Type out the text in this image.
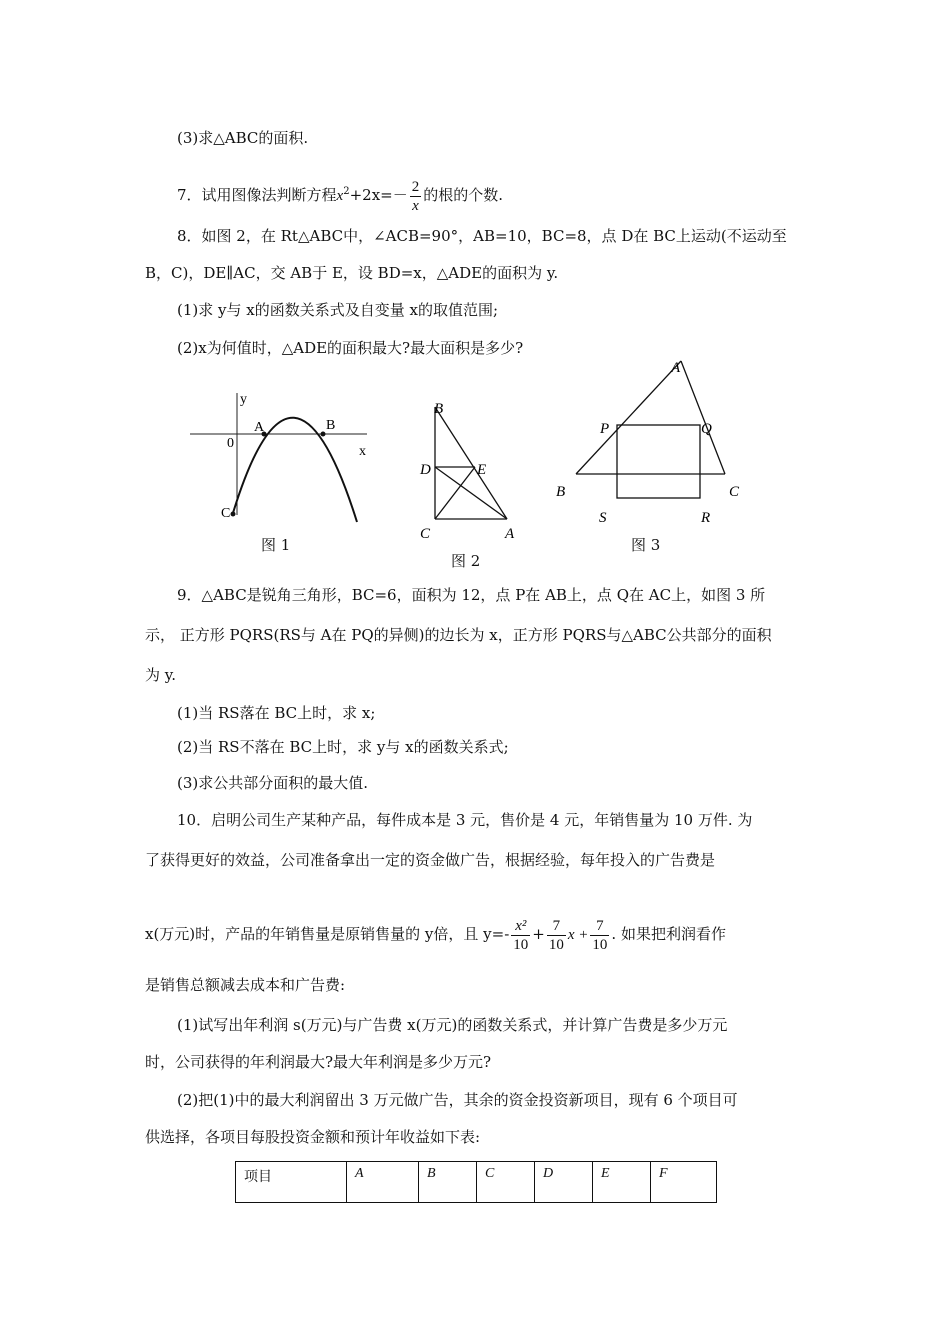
(3)求△ABC的面积.
7．试用图像法判断方程$x^2+2x=- \frac{2}{x}$ 的根的个数.
8．如图 2，在 Rt△ABC中，∠ACB=90°，AB=10，BC=8，点 D在 BC上运动(不运动至
B，C)，DE∥AC，交 AB于 E，设 BD=x，△ADE的面积为 y.
(1)求 y与 x的函数关系式及自变量 x的取值范围;
(2)x为何值时，△ADE的面积最大?最大面积是多少?
y
0
A	B
x
C
图 1
B
D	E
C	A
图 2
A
P	Q
B	C
S	R
图 3
9．△ABC是锐角三角形，BC=6，面积为 12，点 P在 AB上，点 Q在 AC上，如图 3 所
示， 正方形 PQRS(RS与 A在 PQ的异侧)的边长为 x，正方形 PQRS与△ABC公共部分的面积
为 y.
(1)当 RS落在 BC上时，求 x;
(2)当 RS不落在 BC上时，求 y与 x的函数关系式;
(3)求公共部分面积的最大值.
10．启明公司生产某种产品，每件成本是 3 元，售价是 4 元，年销售量为 10 万件. 为
了获得更好的效益，公司准备拿出一定的资金做广告，根据经验，每年投入的广告费是
x(万元)时，产品的年销售量是原销售量的 y倍，且 $y=- \frac{\text{x²}}{10} + \frac{7}{10}$ $x + \frac{7}{10}$ . 如果把利润看作
是销售总额减去成本和广告费:
(1)试写出年利润 s(万元)与广告费 x(万元)的函数关系式，并计算广告费是多少万元
时，公司获得的年利润最大?最大年利润是多少万元?
(2)把(1)中的最大利润留出 3 万元做广告，其余的资金投资新项目，现有 6 个项目可
供选择，各项目每股投资金额和预计年收益如下表:
项目	A	B	C	D	E	F
